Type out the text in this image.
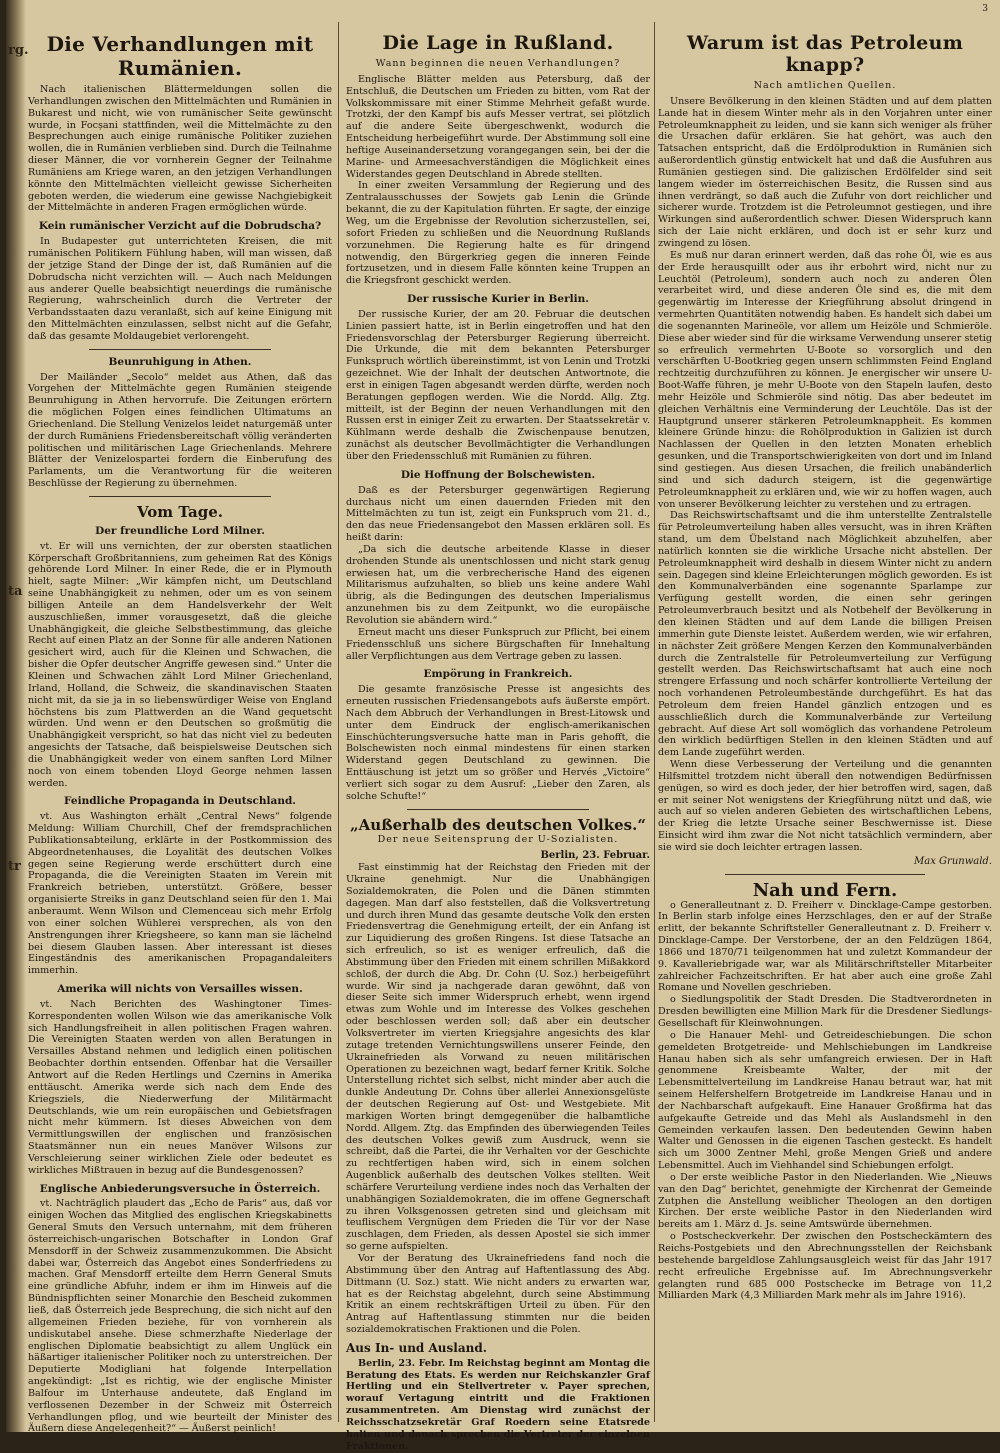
rg.
ta
tr
3
Die Verhandlungen mit Rumänien.

Nach italienischen Blättermeldungen sollen die Verhandlungen zwischen den Mittelmächten und Rumänien in Bukarest und nicht, wie von rumänischer Seite gewünscht wurde, in Focșani stattfinden, weil die Mittelmächte zu den Besprechungen auch einige rumänische Politiker zuziehen wollen, die in Rumänien verblieben sind. Durch die Teilnahme dieser Männer, die vor vornherein Gegner der Teilnahme Rumäniens am Kriege waren, an den jetzigen Verhandlungen könnte den Mittelmächten vielleicht gewisse Sicherheiten geboten werden, die wiederum eine gewisse Nachgiebigkeit der Mittelmächte in anderen Fragen ermöglichen würde.

Kein rumänischer Verzicht auf die Dobrudscha?

In Budapester gut unterrichteten Kreisen, die mit rumänischen Politikern Fühlung haben, will man wissen, daß der jetzige Stand der Dinge der ist, daß Rumänien auf die Dobrudscha nicht verzichten will. — Auch nach Meldungen aus anderer Quelle beabsichtigt neuerdings die rumänische Regierung, wahrscheinlich durch die Vertreter der Verbandsstaaten dazu veranlaßt, sich auf keine Einigung mit den Mittelmächten einzulassen, selbst nicht auf die Gefahr, daß das gesamte Moldaugebiet verlorengeht.

Beunruhigung in Athen.

Der Mailänder „Secolo“ meldet aus Athen, daß das Vorgehen der Mittelmächte gegen Rumänien steigende Beunruhigung in Athen hervorrufe. Die Zeitungen erörtern die möglichen Folgen eines feindlichen Ultimatums an Griechenland. Die Stellung Venizelos leidet naturgemäß unter der durch Rumäniens Friedensbereitschaft völlig veränderten politischen und militärischen Lage Griechenlands. Mehrere Blätter der Venizelospartei fordern die Einberufung des Parlaments, um die Verantwortung für die weiteren Beschlüsse der Regierung zu übernehmen.

Vom Tage.
Der freundliche Lord Milner.

vt. Er will uns vernichten, der zur obersten staatlichen Körperschaft Großbritanniens, zum geheimen Rat des Königs gehörende Lord Milner. In einer Rede, die er in Plymouth hielt, sagte Milner: „Wir kämpfen nicht, um Deutschland seine Unabhängigkeit zu nehmen, oder um es von seinem billigen Anteile an dem Handelsverkehr der Welt auszuschließen, immer vorausgesetzt, daß die gleiche Unabhängigkeit, die gleiche Selbstbestimmung, das gleiche Recht auf einen Platz an der Sonne für alle anderen Nationen gesichert wird, auch für die Kleinen und Schwachen, die bisher die Opfer deutscher Angriffe gewesen sind.“ Unter die Kleinen und Schwachen zählt Lord Milner Griechenland, Irland, Holland, die Schweiz, die skandinavischen Staaten nicht mit, da sie ja in so liebenswürdiger Weise von England höchstens bis zum Plattwerden an die Wand gequetscht würden. Und wenn er den Deutschen so großmütig die Unabhängigkeit verspricht, so hat das nicht viel zu bedeuten angesichts der Tatsache, daß beispielsweise Deutschen sich die Unabhängigkeit weder von einem sanften Lord Milner noch von einem tobenden Lloyd George nehmen lassen werden.

Feindliche Propaganda in Deutschland.

vt. Aus Washington erhält „Central News“ folgende Meldung: William Churchill, Chef der fremdsprachlichen Publikationsabteilung, erklärte in der Postkommission des Abgeordnetenhauses, die Loyalität des deutschen Volkes gegen seine Regierung werde erschüttert durch eine Propaganda, die die Vereinigten Staaten im Verein mit Frankreich betrieben, unterstützt. Größere, besser organisierte Streiks in ganz Deutschland seien für den 1. Mai anberaumt. Wenn Wilson und Clemenceau sich mehr Erfolg von einer solchen Wühlerei versprechen, als von den Anstrengungen ihrer Kriegsheere, so kann man sie lächelnd bei diesem Glauben lassen. Aber interessant ist dieses Eingeständnis des amerikanischen Propagandaleiters immerhin.

Amerika will nichts von Versailles wissen.

vt. Nach Berichten des Washingtoner Times-Korrespondenten wollen Wilson wie das amerikanische Volk sich Handlungsfreiheit in allen politischen Fragen wahren. Die Vereinigten Staaten werden von allen Beratungen in Versailles Abstand nehmen und lediglich einen politischen Beobachter dorthin entsenden. Offenbar hat die Versailler Antwort auf die Reden Hertlings und Czernins in Amerika enttäuscht. Amerika werde sich nach dem Ende des Kriegsziels, die Niederwerfung der Militärmacht Deutschlands, wie um rein europäischen und Gebietsfragen nicht mehr kümmern. Ist dieses Abweichen von dem Vermittlungswillen der englischen und französischen Staatsmänner nun ein neues Manöver Wilsons zur Verschleierung seiner wirklichen Ziele oder bedeutet es wirkliches Mißtrauen in bezug auf die Bundesgenossen?

Englische Anbiederungsversuche in Österreich.

vt. Nachträglich plaudert das „Echo de Paris“ aus, daß vor einigen Wochen das Mitglied des englischen Kriegskabinetts General Smuts den Versuch unternahm, mit dem früheren österreichisch-ungarischen Botschafter in London Graf Mensdorff in der Schweiz zusammenzukommen. Die Absicht dabei war, Österreich das Angebot eines Sonderfriedens zu machen. Graf Mensdorff erteilte dem Herrn General Smuts eine gründliche Abfuhr, indem er ihm im Hinweis auf die Bündnispflichten seiner Monarchie den Bescheid zukommen ließ, daß Österreich jede Besprechung, die sich nicht auf den allgemeinen Frieden beziehe, für von vornherein als undiskutabel ansehe. Diese schmerzhafte Niederlage der englischen Diplomatie beabsichtigt zu allem Unglück ein häßartiger italienischer Politiker noch zu unterstreichen. Der Deputierte Modigliani hat folgende Interpellation angekündigt: „Ist es richtig, wie der englische Minister Balfour im Unterhause andeutete, daß England im verflossenen Dezember in der Schweiz mit Österreich Verhandlungen pflog, und wie beurteilt der Minister des Äußern diese Angelegenheit?“ — Äußerst peinlich!

Die Lage in Rußland.
Wann beginnen die neuen Verhandlungen?

Englische Blätter melden aus Petersburg, daß der Entschluß, die Deutschen um Frieden zu bitten, vom Rat der Volkskommissare mit einer Stimme Mehrheit gefaßt wurde. Trotzki, der den Kampf bis aufs Messer vertrat, sei plötzlich auf die andere Seite übergeschwenkt, wodurch die Entscheidung herbeigeführt wurde. Der Abstimmung soll eine heftige Auseinandersetzung vorangegangen sein, bei der die Marine- und Armeesachverständigen die Möglichkeit eines Widerstandes gegen Deutschland in Abrede stellten.

In einer zweiten Versammlung der Regierung und des Zentralausschusses der Sowjets gab Lenin die Gründe bekannt, die zu der Kapitulation führten. Er sagte, der einzige Weg, um die Ergebnisse der Revolution sicherzustellen, sei, sofort Frieden zu schließen und die Neuordnung Rußlands vorzunehmen. Die Regierung halte es für dringend notwendig, den Bürgerkrieg gegen die inneren Feinde fortzusetzen, und in diesem Falle könnten keine Truppen an die Kriegsfront geschickt werden.

Der russische Kurier in Berlin.

Der russische Kurier, der am 20. Februar die deutschen Linien passiert hatte, ist in Berlin eingetroffen und hat den Friedensvorschlag der Petersburger Regierung überreicht. Die Urkunde, die mit dem bekannten Petersburger Funkspruch wörtlich übereinstimmt, ist von Lenin und Trotzki gezeichnet. Wie der Inhalt der deutschen Antwortnote, die erst in einigen Tagen abgesandt werden dürfte, werden noch Beratungen gepflogen werden. Wie die Nordd. Allg. Ztg. mitteilt, ist der Beginn der neuen Verhandlungen mit den Russen erst in einiger Zeit zu erwarten. Der Staatssekretär v. Kühlmann werde deshalb die Zwischenpause benutzen, zunächst als deutscher Bevollmächtigter die Verhandlungen über den Friedensschluß mit Rumänien zu führen.

Die Hoffnung der Bolschewisten.

Daß es der Petersburger gegenwärtigen Regierung durchaus nicht um einen dauernden Frieden mit den Mittelmächten zu tun ist, zeigt ein Funkspruch vom 21. d., den das neue Friedensangebot den Massen erklären soll. Es heißt darin:

„Da sich die deutsche arbeitende Klasse in dieser drohenden Stunde als unentschlossen und nicht stark genug erwiesen hat, um die verbrecherische Hand des eigenen Militarismus aufzuhalten, so blieb uns keine andere Wahl übrig, als die Bedingungen des deutschen Imperialismus anzunehmen bis zu dem Zeitpunkt, wo die europäische Revolution sie abändern wird.“

Erneut macht uns dieser Funkspruch zur Pflicht, bei einem Friedensschluß uns sichere Bürgschaften für Innehaltung aller Verpflichtungen aus dem Vertrage geben zu lassen.

Empörung in Frankreich.

Die gesamte französische Presse ist angesichts des erneuten russischen Friedensangebots aufs äußerste empört. Nach dem Abbruch der Verhandlungen in Brest-Litowsk und unter dem Eindruck der englisch-amerikanischen Einschüchterungsversuche hatte man in Paris gehofft, die Bolschewisten noch einmal mindestens für einen starken Widerstand gegen Deutschland zu gewinnen. Die Enttäuschung ist jetzt um so größer und Hervés „Victoire“ verliert sich sogar zu dem Ausruf: „Lieber den Zaren, als solche Schufte!“

„Außerhalb des deutschen Volkes.“
Der neue Seitensprung der U-Sozialisten.

Berlin, 23. Februar.

Fast einstimmig hat der Reichstag den Frieden mit der Ukraine genehmigt. Nur die Unabhängigen Sozialdemokraten, die Polen und die Dänen stimmten dagegen. Man darf also feststellen, daß die Volksvertretung und durch ihren Mund das gesamte deutsche Volk den ersten Friedensvertrag die Genehmigung erteilt, der ein Anfang ist zur Liquidierung des großen Ringens. Ist diese Tatsache an sich erfreulich, so ist es weniger erfreulich, daß die Abstimmung über den Frieden mit einem schrillen Mißakkord schloß, der durch die Abg. Dr. Cohn (U. Soz.) herbeigeführt wurde. Wir sind ja nachgerade daran gewöhnt, daß von dieser Seite sich immer Widerspruch erhebt, wenn irgend etwas zum Wohle und im Interesse des Volkes geschehen oder beschlossen werden soll; daß aber ein deutscher Volksvertreter im vierten Kriegsjahre angesichts des klar zutage tretenden Vernichtungswillens unserer Feinde, den Ukrainefrieden als Vorwand zu neuen militärischen Operationen zu bezeichnen wagt, bedarf ferner Kritik. Solche Unterstellung richtet sich selbst, nicht minder aber auch die dunkle Andeutung Dr. Cohns über allerlei Annexionsgelüste der deutschen Regierung auf Ost- und Westgebiete. Mit markigen Worten bringt demgegenüber die halbamtliche Nordd. Allgem. Ztg. das Empfinden des überwiegenden Teiles des deutschen Volkes gewiß zum Ausdruck, wenn sie schreibt, daß die Partei, die ihr Verhalten vor der Geschichte zu rechtfertigen haben wird, sich in einem solchen Augenblick außerhalb des deutschen Volkes stellten. Weit schärfere Verurteilung verdiene indes noch das Verhalten der unabhängigen Sozialdemokraten, die im offene Gegnerschaft zu ihren Volksgenossen getreten sind und gleichsam mit teuflischem Vergnügen dem Frieden die Tür vor der Nase zuschlagen, dem Frieden, als dessen Apostel sie sich immer so gerne aufspielten.

Vor der Beratung des Ukrainefriedens fand noch die Abstimmung über den Antrag auf Haftentlassung des Abg. Dittmann (U. Soz.) statt. Wie nicht anders zu erwarten war, hat es der Reichstag abgelehnt, durch seine Abstimmung Kritik an einem rechtskräftigen Urteil zu üben. Für den Antrag auf Haftentlassung stimmten nur die beiden sozialdemokratischen Fraktionen und die Polen.

Aus In- und Ausland.

Berlin, 23. Febr. Im Reichstag beginnt am Montag die Beratung des Etats. Es werden nur Reichskanzler Graf Hertling und ein Stellvertreter v. Payer sprechen, worauf Vertagung eintritt und die Fraktionen zusammentreten. Am Dienstag wird zunächst der Reichsschatzsekretär Graf Roedern seine Etatsrede halten und danach sprechen die Vertreter der einzelnen Fraktionen.

Warum ist das Petroleum knapp?
Nach amtlichen Quellen.

Unsere Bevölkerung in den kleinen Städten und auf dem platten Lande hat in diesem Winter mehr als in den Vorjahren unter einer Petroleumknappheit zu leiden, und sie kann sich weniger als früher die Ursachen dafür erklären. Sie hat gehört, was auch den Tatsachen entspricht, daß die Erdölproduktion in Rumänien sich außerordentlich günstig entwickelt hat und daß die Ausfuhren aus Rumänien gestiegen sind. Die galizischen Erdölfelder sind seit langem wieder im österreichischen Besitz, die Russen sind aus ihnen verdrängt, so daß auch die Zufuhr von dort reichlicher und sicherer wurde. Trotzdem ist die Petroleumnot gestiegen, und ihre Wirkungen sind außerordentlich schwer. Diesen Widerspruch kann sich der Laie nicht erklären, und doch ist er sehr kurz und zwingend zu lösen.

Es muß nur daran erinnert werden, daß das rohe Öl, wie es aus der Erde herausquillt oder aus ihr erbohrt wird, nicht nur zu Leuchtöl (Petroleum), sondern auch noch zu anderen Ölen verarbeitet wird, und diese anderen Öle sind es, die mit dem gegenwärtig im Interesse der Kriegführung absolut dringend in vermehrten Quantitäten notwendig haben. Es handelt sich dabei um die sogenannten Marineöle, vor allem um Heizöle und Schmieröle. Diese aber wieder sind für die wirksame Verwendung unserer stetig so erfreulich vermehrten U-Boote so vorsorglich und den verschärften U-Bootkrieg gegen unsern schlimmsten Feind England rechtzeitig durchzuführen zu können. Je energischer wir unsere U-Boot-Waffe führen, je mehr U-Boote von den Stapeln laufen, desto mehr Heizöle und Schmieröle sind nötig. Das aber bedeutet im gleichen Verhältnis eine Verminderung der Leuchtöle. Das ist der Hauptgrund unserer stärkeren Petroleumknappheit. Es kommen kleinere Gründe hinzu: die Rohölproduktion in Galizien ist durch Nachlassen der Quellen in den letzten Monaten erheblich gesunken, und die Transportschwierigkeiten von dort und im Inland sind gestiegen. Aus diesen Ursachen, die freilich unabänderlich sind und sich dadurch steigern, ist die gegenwärtige Petroleumknappheit zu erklären und, wie wir zu hoffen wagen, auch von unserer Bevölkerung leichter zu verstehen und zu ertragen.

Das Reichswirtschaftsamt und die ihm unterstellte Zentralstelle für Petroleumverteilung haben alles versucht, was in ihren Kräften stand, um dem Übelstand nach Möglichkeit abzuhelfen, aber natürlich konnten sie die wirkliche Ursache nicht abstellen. Der Petroleumknappheit wird deshalb in diesem Winter nicht zu andern sein. Dagegen sind kleine Erleichterungen möglich geworden. Es ist den Kommunalverbänden eine sogenannte Sparlampe zur Verfügung gestellt worden, die einen sehr geringen Petroleumverbrauch besitzt und als Notbehelf der Bevölkerung in den kleinen Städten und auf dem Lande die billigen Preisen immerhin gute Dienste leistet. Außerdem werden, wie wir erfahren, in nächster Zeit größere Mengen Kerzen den Kommunalverbänden durch die Zentralstelle für Petroleumverteilung zur Verfügung gestellt werden. Das Reichswirtschaftsamt hat auch eine noch strengere Erfassung und noch schärfer kontrollierte Verteilung der noch vorhandenen Petroleumbestände durchgeführt. Es hat das Petroleum dem freien Handel gänzlich entzogen und es ausschließlich durch die Kommunalverbände zur Verteilung gebracht. Auf diese Art soll womöglich das vorhandene Petroleum den wirklich bedürftigen Stellen in den kleinen Städten und auf dem Lande zugeführt werden.

Wenn diese Verbesserung der Verteilung und die genannten Hilfsmittel trotzdem nicht überall den notwendigen Bedürfnissen genügen, so wird es doch jeder, der hier betroffen wird, sagen, daß er mit seiner Not wenigstens der Kriegführung nützt und daß, wie auch auf so vielen anderen Gebieten des wirtschaftlichen Lebens, der Krieg die letzte Ursache seiner Beschwernisse ist. Diese Einsicht wird ihm zwar die Not nicht tatsächlich vermindern, aber sie wird sie doch leichter ertragen lassen.

Max Grunwald.

Nah und Fern.

o Generalleutnant z. D. Freiherr v. Dincklage-Campe gestorben. In Berlin starb infolge eines Herzschlages, den er auf der Straße erlitt, der bekannte Schriftsteller Generalleutnant z. D. Freiherr v. Dincklage-Campe. Der Verstorbene, der an den Feldzügen 1864, 1866 und 1870/71 teilgenommen hat und zuletzt Kommandeur der 9. Kavalleriebrigade war, war als Militärschriftsteller Mitarbeiter zahlreicher Fachzeitschriften. Er hat aber auch eine große Zahl Romane und Novellen geschrieben.

o Siedlungspolitik der Stadt Dresden. Die Stadtverordneten in Dresden bewilligten eine Million Mark für die Dresdener Siedlungs-Gesellschaft für Kleinwohnungen.

o Die Hanauer Mehl- und Getreideschiebungen. Die schon gemeldeten Brotgetreide- und Mehlschiebungen im Landkreise Hanau haben sich als sehr umfangreich erwiesen. Der in Haft genommene Kreisbeamte Walter, der mit der Lebensmittelverteilung im Landkreise Hanau betraut war, hat mit seinem Helfershelfern Brotgetreide im Landkreise Hanau und in der Nachbarschaft aufgekauft. Eine Hanauer Großfirma hat das aufgekaufte Getreide und das Mehl als Auslandsmehl in den Gemeinden verkaufen lassen. Den bedeutenden Gewinn haben Walter und Genossen in die eigenen Taschen gesteckt. Es handelt sich um 3000 Zentner Mehl, große Mengen Grieß und andere Lebensmittel. Auch im Viehhandel sind Schiebungen erfolgt.

o Der erste weibliche Pastor in den Niederlanden. Wie „Nieuws van den Dag“ berichtet, genehmigte der Kirchenrat der Gemeinde Zutphen die Anstellung weiblicher Theologen an den dortigen Kirchen. Der erste weibliche Pastor in den Niederlanden wird bereits am 1. März d. Js. seine Amtswürde übernehmen.

o Postscheckverkehr. Der zwischen den Postscheckämtern des Reichs-Postgebiets und den Abrechnungsstellen der Reichsbank bestehende bargeldlose Zahlungsausgleich weist für das Jahr 1917 recht erfreuliche Ergebnisse auf. Im Abrechnungsverkehr gelangten rund 685 000 Postschecke im Betrage von 11,2 Milliarden Mark (4,3 Milliarden Mark mehr als im Jahre 1916).
